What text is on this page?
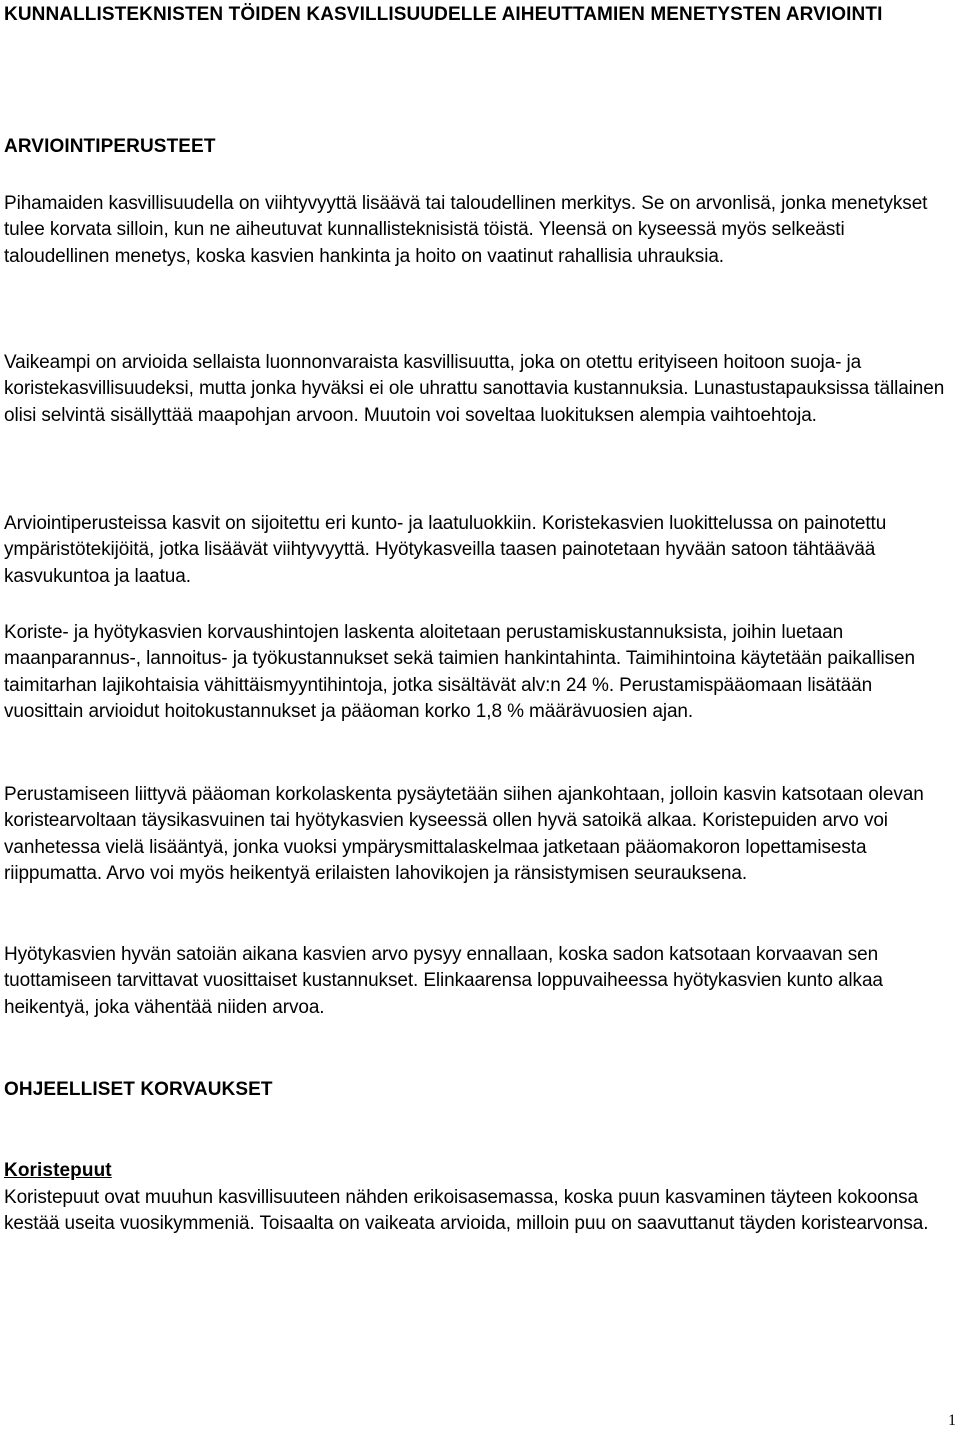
KUNNALLISTEKNISTEN TÖIDEN KASVILLISUUDELLE AIHEUTTAMIEN MENETYSTEN ARVIOINTI
ARVIOINTIPERUSTEET
Pihamaiden kasvillisuudella on viihtyvyyttä lisäävä tai taloudellinen merkitys. Se on arvonlisä, jonka menetykset tulee korvata silloin, kun ne aiheutuvat kunnallisteknisistä töistä. Yleensä on kyseessä myös selkeästi taloudellinen menetys, koska kasvien hankinta ja hoito on vaatinut rahallisia uhrauksia.
Vaikeampi on arvioida sellaista luonnonvaraista kasvillisuutta, joka on otettu erityiseen hoitoon suoja- ja koristekasvillisuudeksi, mutta jonka hyväksi ei ole uhrattu sanottavia kustannuksia. Lunastustapauksissa tällainen olisi selvintä sisällyttää maapohjan arvoon. Muutoin voi soveltaa luokituksen alempia vaihtoehtoja.
Arviointiperusteissa kasvit on sijoitettu eri kunto- ja laatuluokkiin. Koristekasvien luokittelussa on painotettu ympäristötekijöitä, jotka lisäävät viihtyvyyttä. Hyötykasveilla taasen painotetaan hyvään satoon tähtäävää kasvukuntoa ja laatua.
Koriste- ja hyötykasvien korvaushintojen laskenta aloitetaan perustamiskustannuksista, joihin luetaan maanparannus-, lannoitus- ja työkustannukset sekä taimien hankintahinta. Taimihintoina käytetään paikallisen taimitarhan lajikohtaisia vähittäismyyntihintoja, jotka sisältävät alv:n 24 %. Perustamispääomaan lisätään vuosittain arvioidut hoitokustannukset ja pääoman korko 1,8 % määrävuosien ajan.
Perustamiseen liittyvä pääoman korkolaskenta pysäytetään siihen ajankohtaan, jolloin kasvin katsotaan olevan koristearvoltaan täysikasvuinen tai hyötykasvien kyseessä ollen hyvä satoikä alkaa. Koristepuiden arvo voi vanhetessa vielä lisääntyä, jonka vuoksi ympärysmittalaskelmaa jatketaan pääomakoron lopettamisesta riippumatta. Arvo voi myös heikentyä erilaisten lahovikojen ja ränsistymisen seurauksena.
Hyötykasvien hyvän satoiän aikana kasvien arvo pysyy ennallaan, koska sadon katsotaan korvaavan sen tuottamiseen tarvittavat vuosittaiset kustannukset. Elinkaarensa loppuvaiheessa hyötykasvien kunto alkaa heikentyä, joka vähentää niiden arvoa.
OHJEELLISET KORVAUKSET
Koristepuut
Koristepuut ovat muuhun kasvillisuuteen nähden erikoisasemassa, koska puun kasvaminen täyteen kokoonsa kestää useita vuosikymmeniä. Toisaalta on vaikeata arvioida, milloin puu on saavuttanut täyden koristearvonsa.
1
